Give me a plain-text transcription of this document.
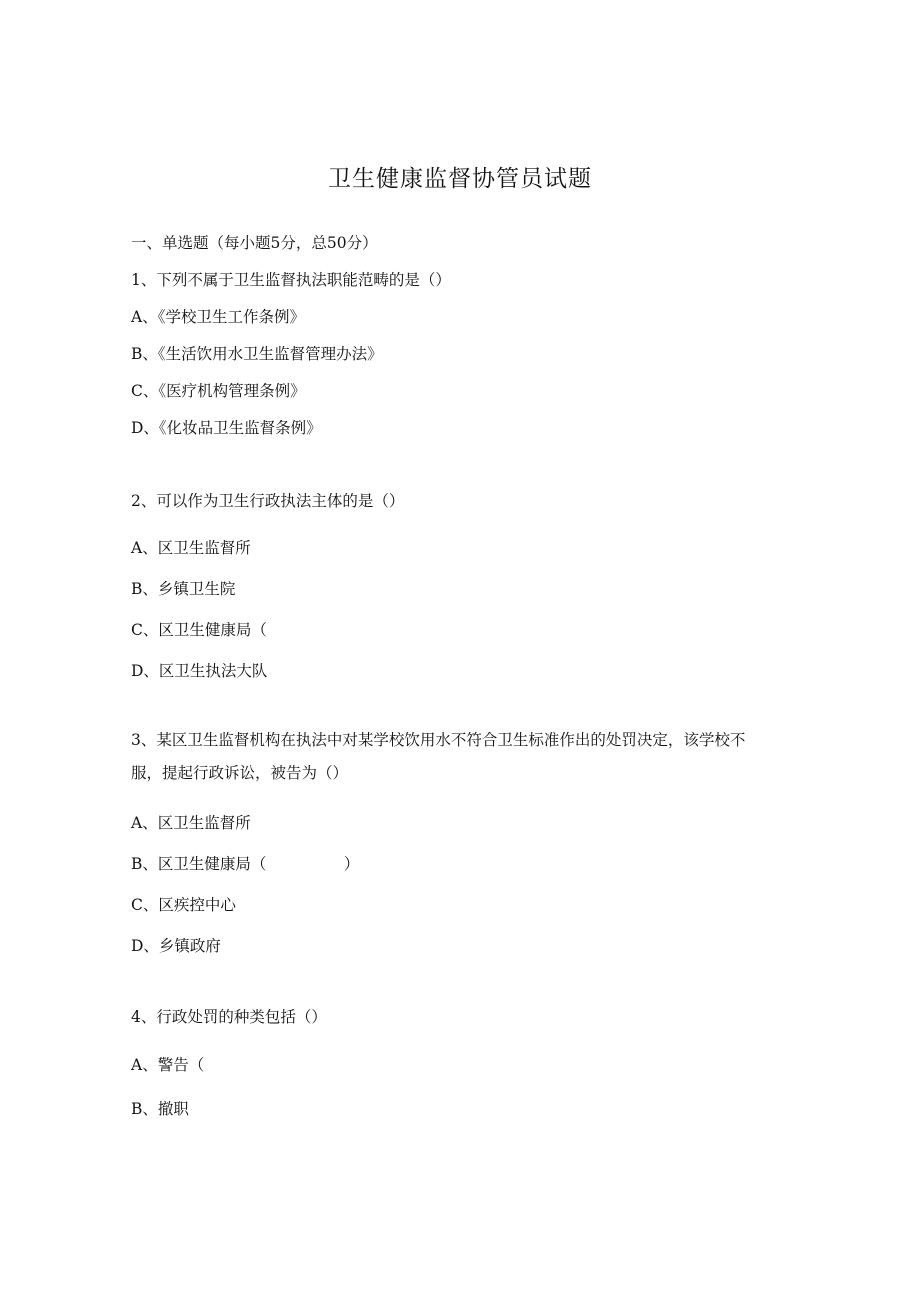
卫生健康监督协管员试题

一、单选题（每小题5分，总50分）

1、下列不属于卫生监督执法职能范畴的是（）

A、《学校卫生工作条例》

B、《生活饮用水卫生监督管理办法》

C、《医疗机构管理条例》

D、《化妆品卫生监督条例》

2、可以作为卫生行政执法主体的是（）

A、区卫生监督所

B、乡镇卫生院

C、区卫生健康局（

D、区卫生执法大队

3、某区卫生监督机构在执法中对某学校饮用水不符合卫生标准作出的处罚决定，该学校不服，提起行政诉讼，被告为（）

A、区卫生监督所

B、区卫生健康局（　　　　　）

C、区疾控中心

D、乡镇政府

4、行政处罚的种类包括（）

A、警告（

B、撤职
